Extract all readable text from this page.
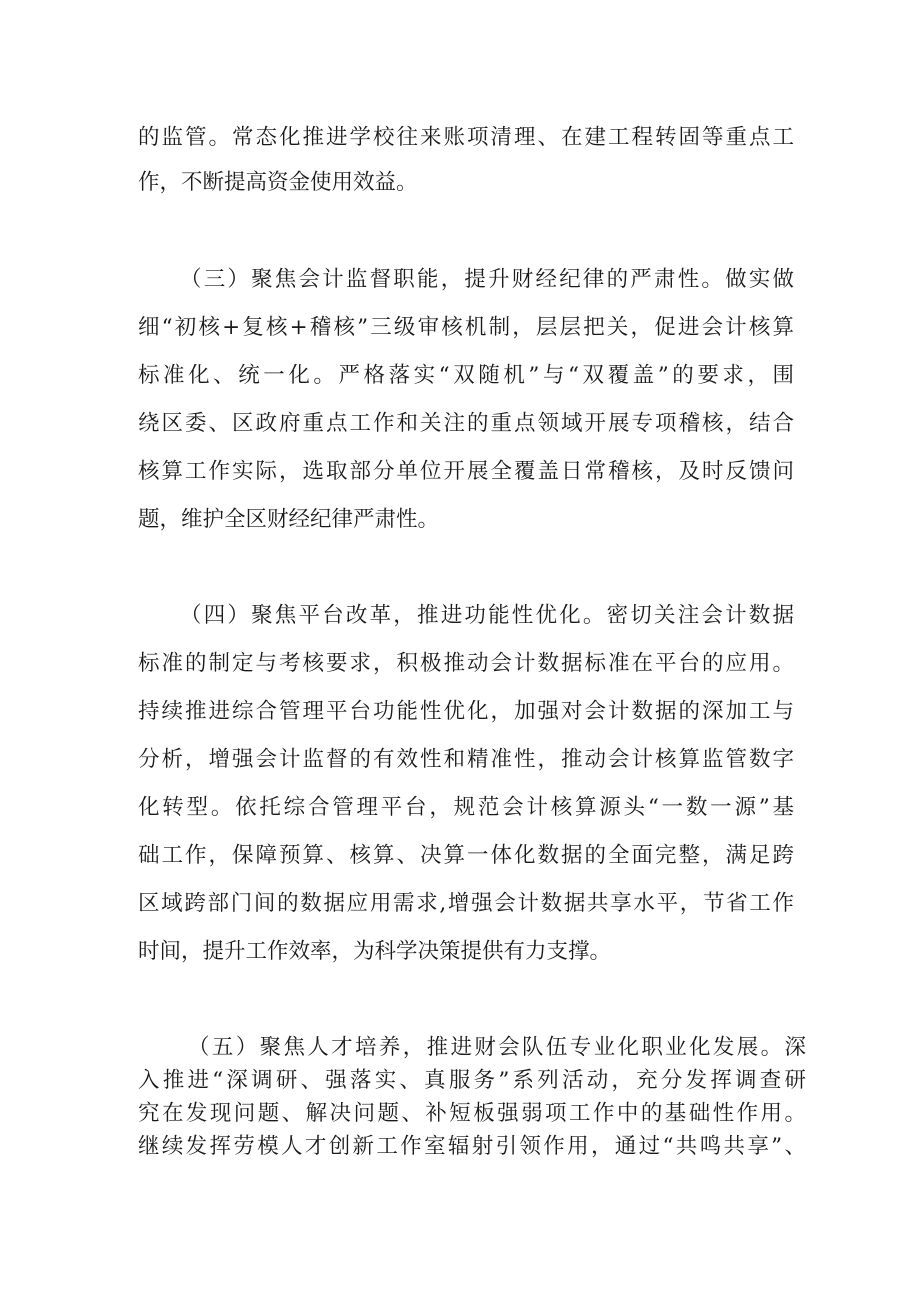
的监管。常态化推进学校往来账项清理、在建工程转固等重点工
作，不断提高资金使用效益。
（三）聚焦会计监督职能，提升财经纪律的严肃性。做实做
细“初核+复核+稽核”三级审核机制，层层把关，促进会计核算
标准化、统一化。严格落实“双随机”与“双覆盖”的要求，围
绕区委、区政府重点工作和关注的重点领域开展专项稽核，结合
核算工作实际，选取部分单位开展全覆盖日常稽核，及时反馈问
题，维护全区财经纪律严肃性。
（四）聚焦平台改革，推进功能性优化。密切关注会计数据
标准的制定与考核要求，积极推动会计数据标准在平台的应用。
持续推进综合管理平台功能性优化，加强对会计数据的深加工与
分析，增强会计监督的有效性和精准性，推动会计核算监管数字
化转型。依托综合管理平台，规范会计核算源头“一数一源”基
础工作，保障预算、核算、决算一体化数据的全面完整，满足跨
区域跨部门间的数据应用需求,增强会计数据共享水平，节省工作
时间，提升工作效率，为科学决策提供有力支撑。
（五）聚焦人才培养，推进财会队伍专业化职业化发展。深
入推进“深调研、强落实、真服务”系列活动，充分发挥调查研
究在发现问题、解决问题、补短板强弱项工作中的基础性作用。
继续发挥劳模人才创新工作室辐射引领作用，通过“共鸣共享”、
